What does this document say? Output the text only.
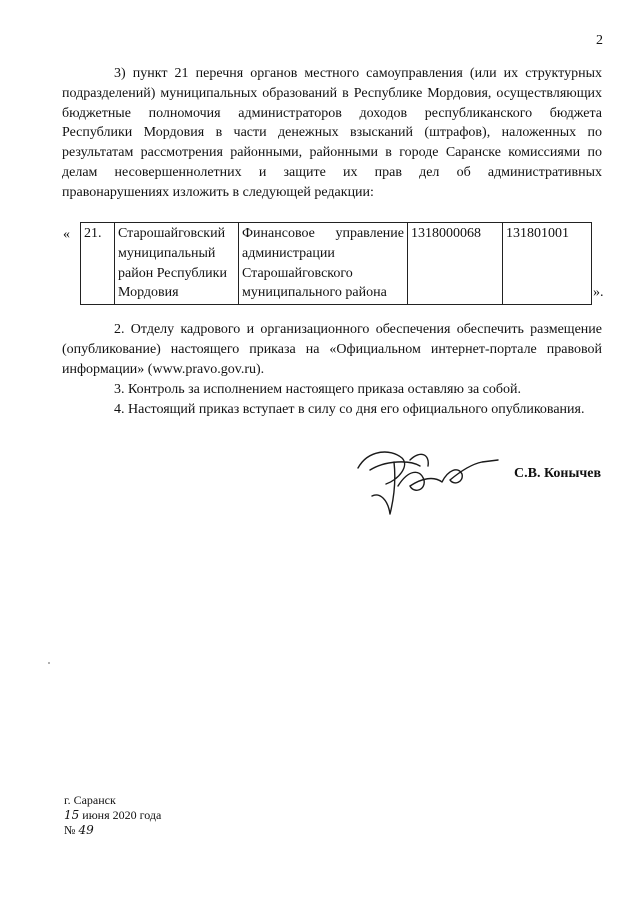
2

3) пункт 21 перечня органов местного самоуправления (или их структурных подразделений) муниципальных образований в Республике Мордовия, осуществляющих бюджетные полномочия администраторов доходов республиканского бюджета Республики Мордовия в части денежных взысканий (штрафов), наложенных по результатам рассмотрения районными, районными в городе Саранске комиссиями по делам несовершеннолетних и защите их прав дел об административных правонарушениях изложить в следующей редакции:

« 21.	Старошайговский муниципальный район Республики Мордовия	Финансовое управление администрации Старошайговского муниципального района	1318000068	131801001
».

2. Отделу кадрового и организационного обеспечения обеспечить размещение (опубликование) настоящего приказа на «Официальном интернет-портале правовой информации» (www.pravo.gov.ru).

3. Контроль за исполнением настоящего приказа оставляю за собой.

4. Настоящий приказ вступает в силу со дня его официального опубликования.

С.В. Конычев
г. Саранск
15 июня 2020 года
№ 49
